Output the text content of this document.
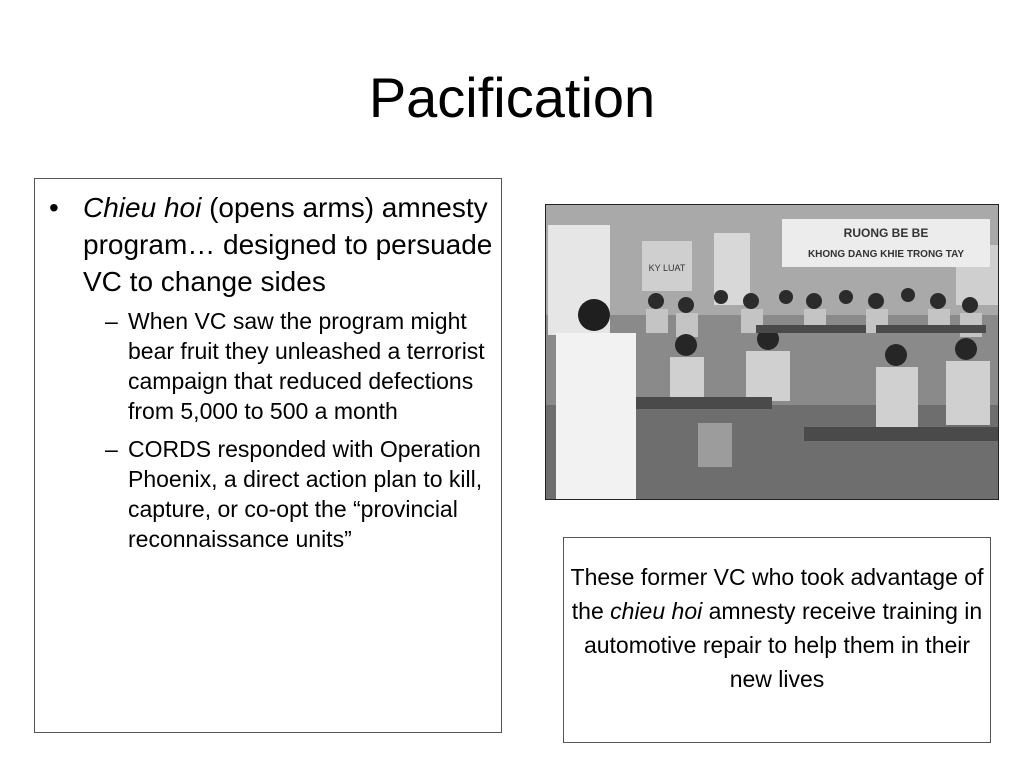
Pacification
• Chieu hoi (opens arms) amnesty program… designed to persuade VC to change sides
– When VC saw the program might bear fruit they unleashed a terrorist campaign that reduced defections from 5,000 to 500 a month
– CORDS responded with Operation Phoenix, a direct action plan to kill, capture, or co-opt the “provincial reconnaissance units”
KY LUAT
RUONG BE BE
KHONG DANG KHIE TRONG TAY

These former VC who took advantage of the chieu hoi amnesty receive training in automotive repair to help them in their new lives
